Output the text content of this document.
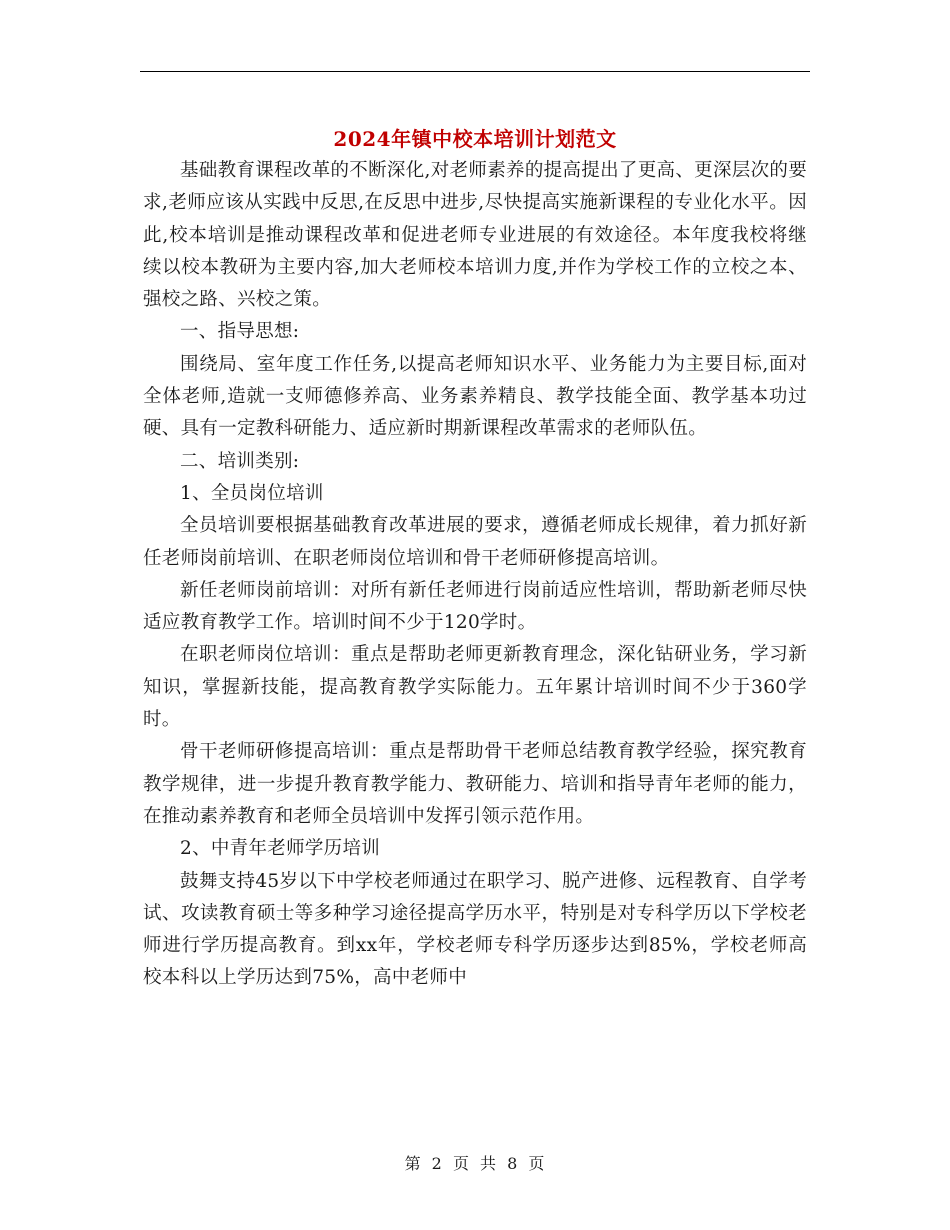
2024年镇中校本培训计划范文

基础教育课程改革的不断深化,对老师素养的提高提出了更高、更深层次的要求,老师应该从实践中反思,在反思中进步,尽快提高实施新课程的专业化水平。因此,校本培训是推动课程改革和促进老师专业进展的有效途径。本年度我校将继续以校本教研为主要内容,加大老师校本培训力度,并作为学校工作的立校之本、强校之路、兴校之策。

一、指导思想:

围绕局、室年度工作任务,以提高老师知识水平、业务能力为主要目标,面对全体老师,造就一支师德修养高、业务素养精良、教学技能全面、教学基本功过硬、具有一定教科研能力、适应新时期新课程改革需求的老师队伍。

二、培训类别:

1、全员岗位培训

全员培训要根据基础教育改革进展的要求，遵循老师成长规律，着力抓好新任老师岗前培训、在职老师岗位培训和骨干老师研修提高培训。

新任老师岗前培训：对所有新任老师进行岗前适应性培训，帮助新老师尽快适应教育教学工作。培训时间不少于120学时。

在职老师岗位培训：重点是帮助老师更新教育理念，深化钻研业务，学习新知识，掌握新技能，提高教育教学实际能力。五年累计培训时间不少于360学时。

骨干老师研修提高培训：重点是帮助骨干老师总结教育教学经验，探究教育教学规律，进一步提升教育教学能力、教研能力、培训和指导青年老师的能力，在推动素养教育和老师全员培训中发挥引领示范作用。

2、中青年老师学历培训

鼓舞支持45岁以下中学校老师通过在职学习、脱产进修、远程教育、自学考试、攻读教育硕士等多种学习途径提高学历水平，特别是对专科学历以下学校老师进行学历提高教育。到xx年，学校老师专科学历逐步达到85%，学校老师高校本科以上学历达到75%，高中老师中

第 2 页 共 8 页
